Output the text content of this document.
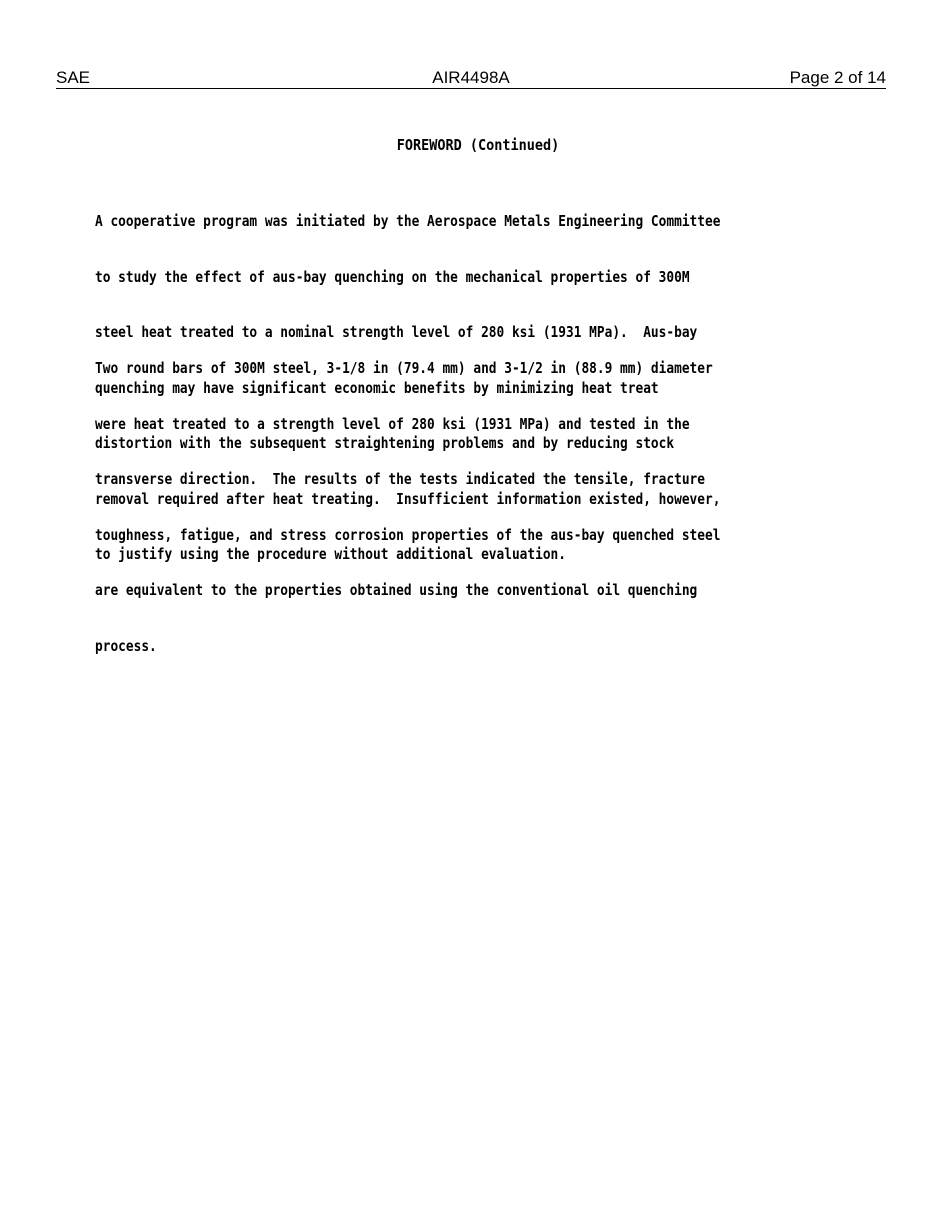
SAE	AIR4498A	Page 2 of 14
FOREWORD (Continued)

A cooperative program was initiated by the Aerospace Metals Engineering Committee

to study the effect of aus-bay quenching on the mechanical properties of 300M

steel heat treated to a nominal strength level of 280 ksi (1931 MPa).  Aus-bay

quenching may have significant economic benefits by minimizing heat treat

distortion with the subsequent straightening problems and by reducing stock

removal required after heat treating.  Insufficient information existed, however,

to justify using the procedure without additional evaluation.

Two round bars of 300M steel, 3-1/8 in (79.4 mm) and 3-1/2 in (88.9 mm) diameter

were heat treated to a strength level of 280 ksi (1931 MPa) and tested in the

transverse direction.  The results of the tests indicated the tensile, fracture

toughness, fatigue, and stress corrosion properties of the aus-bay quenched steel

are equivalent to the properties obtained using the conventional oil quenching

process.
